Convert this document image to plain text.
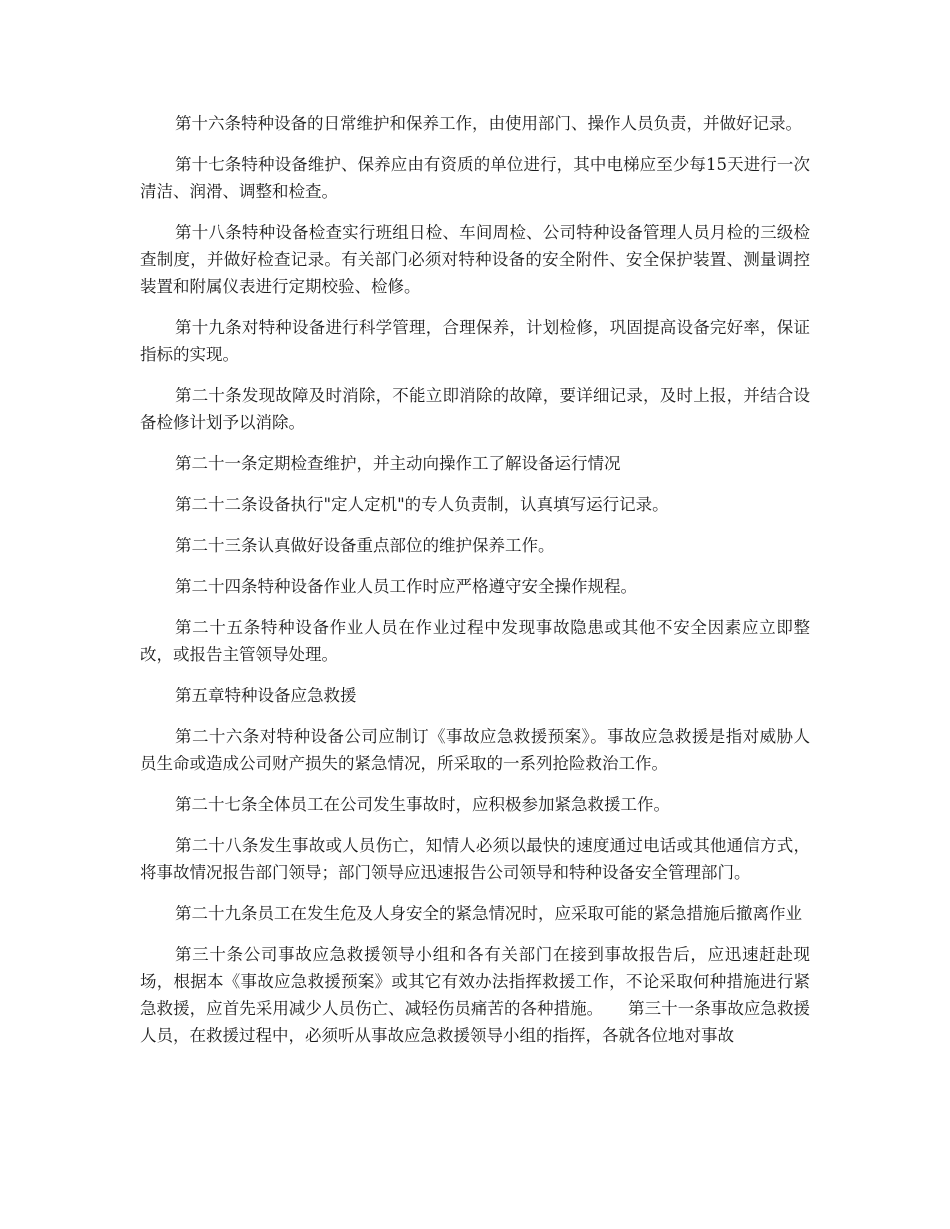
第十六条特种设备的日常维护和保养工作，由使用部门、操作人员负责，并做好记录。

第十七条特种设备维护、保养应由有资质的单位进行，其中电梯应至少每15天进行一次清洁、润滑、调整和检查。

第十八条特种设备检查实行班组日检、车间周检、公司特种设备管理人员月检的三级检查制度，并做好检查记录。有关部门必须对特种设备的安全附件、安全保护装置、测量调控装置和附属仪表进行定期校验、检修。

第十九条对特种设备进行科学管理，合理保养，计划检修，巩固提高设备完好率，保证指标的实现。

第二十条发现故障及时消除，不能立即消除的故障，要详细记录，及时上报，并结合设备检修计划予以消除。

第二十一条定期检查维护，并主动向操作工了解设备运行情况

第二十二条设备执行"定人定机"的专人负责制，认真填写运行记录。

第二十三条认真做好设备重点部位的维护保养工作。

第二十四条特种设备作业人员工作时应严格遵守安全操作规程。

第二十五条特种设备作业人员在作业过程中发现事故隐患或其他不安全因素应立即整改，或报告主管领导处理。

第五章特种设备应急救援

第二十六条对特种设备公司应制订《事故应急救援预案》。事故应急救援是指对威胁人员生命或造成公司财产损失的紧急情况，所采取的一系列抢险救治工作。

第二十七条全体员工在公司发生事故时，应积极参加紧急救援工作。

第二十八条发生事故或人员伤亡，知情人必须以最快的速度通过电话或其他通信方式，将事故情况报告部门领导；部门领导应迅速报告公司领导和特种设备安全管理部门。

第二十九条员工在发生危及人身安全的紧急情况时，应采取可能的紧急措施后撤离作业

第三十条公司事故应急救援领导小组和各有关部门在接到事故报告后，应迅速赶赴现场，根据本《事故应急救援预案》或其它有效办法指挥救援工作，不论采取何种措施进行紧急救援，应首先采用减少人员伤亡、减轻伤员痛苦的各种措施。　　第三十一条事故应急救援人员，在救援过程中，必须听从事故应急救援领导小组的指挥，各就各位地对事故
